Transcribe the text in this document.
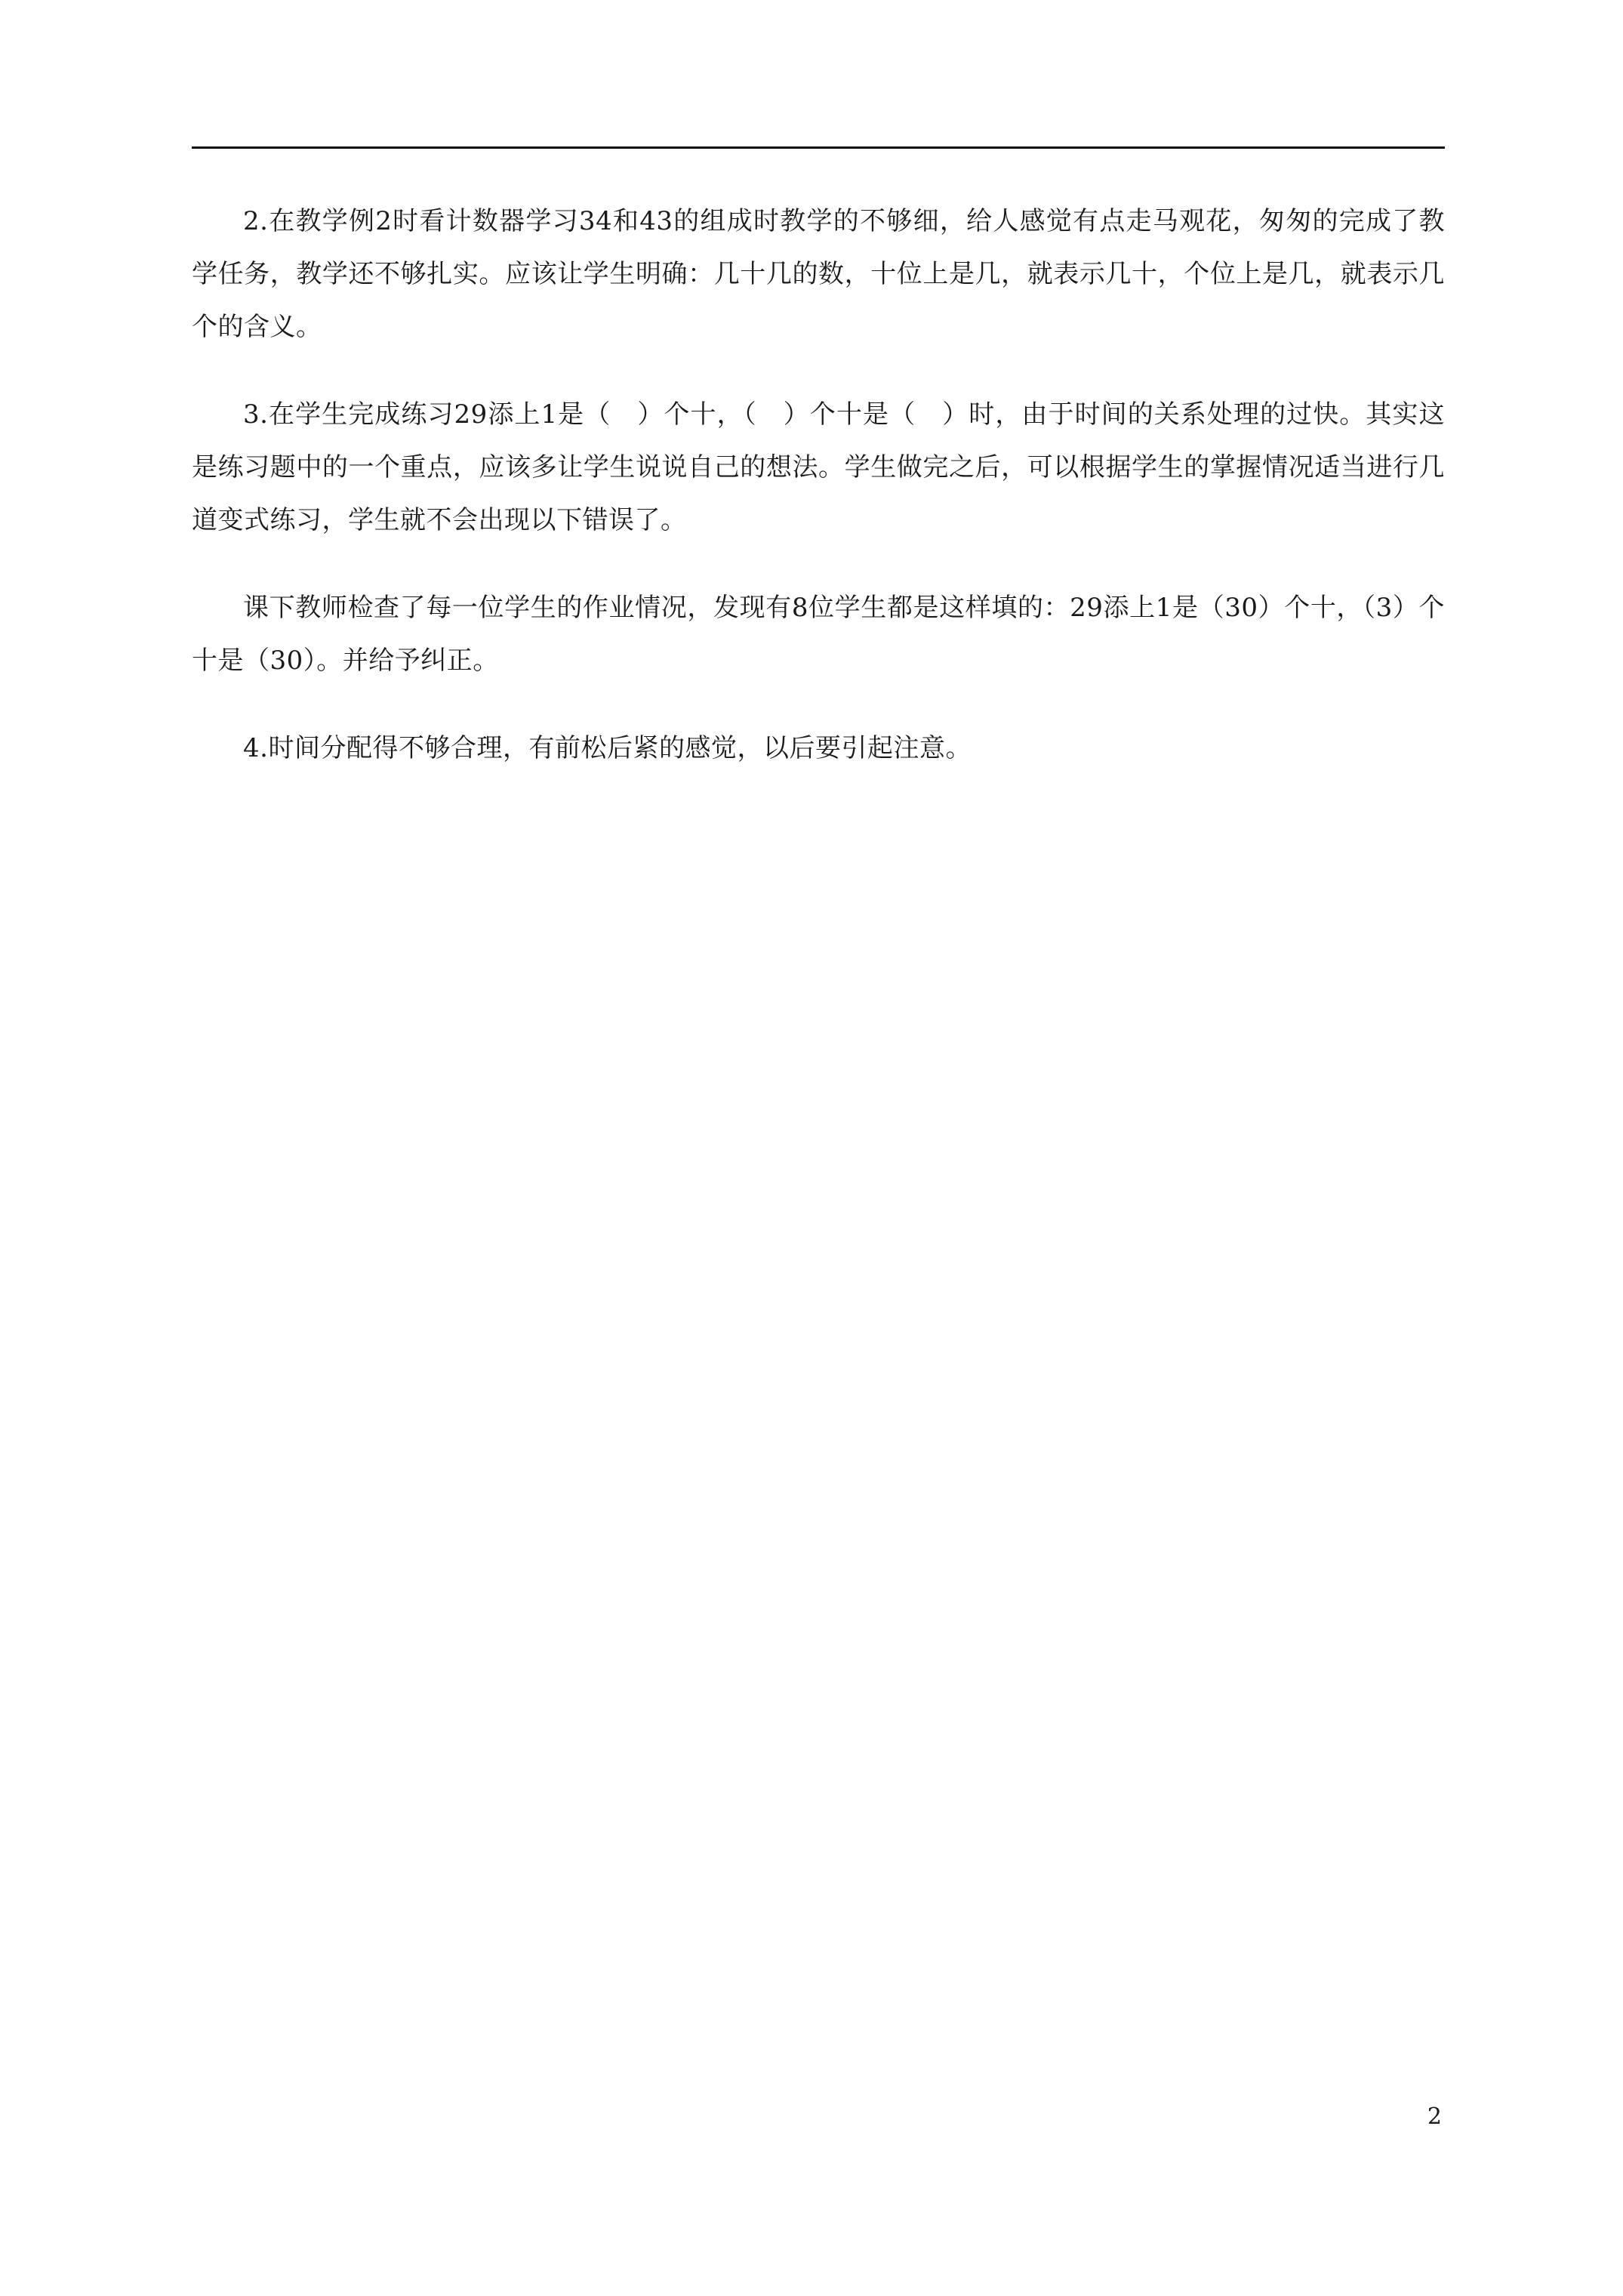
2.在教学例2时看计数器学习34和43的组成时教学的不够细，给人感觉有点走马观花，匆匆的完成了教学任务，教学还不够扎实。应该让学生明确：几十几的数，十位上是几，就表示几十，个位上是几，就表示几个的含义。

3.在学生完成练习29添上1是（　）个十，（　）个十是（　）时，由于时间的关系处理的过快。其实这是练习题中的一个重点，应该多让学生说说自己的想法。学生做完之后，可以根据学生的掌握情况适当进行几道变式练习，学生就不会出现以下错误了。

课下教师检查了每一位学生的作业情况，发现有8位学生都是这样填的：29添上1是（30）个十，（3）个十是（30）。并给予纠正。

4.时间分配得不够合理，有前松后紧的感觉，以后要引起注意。

2
